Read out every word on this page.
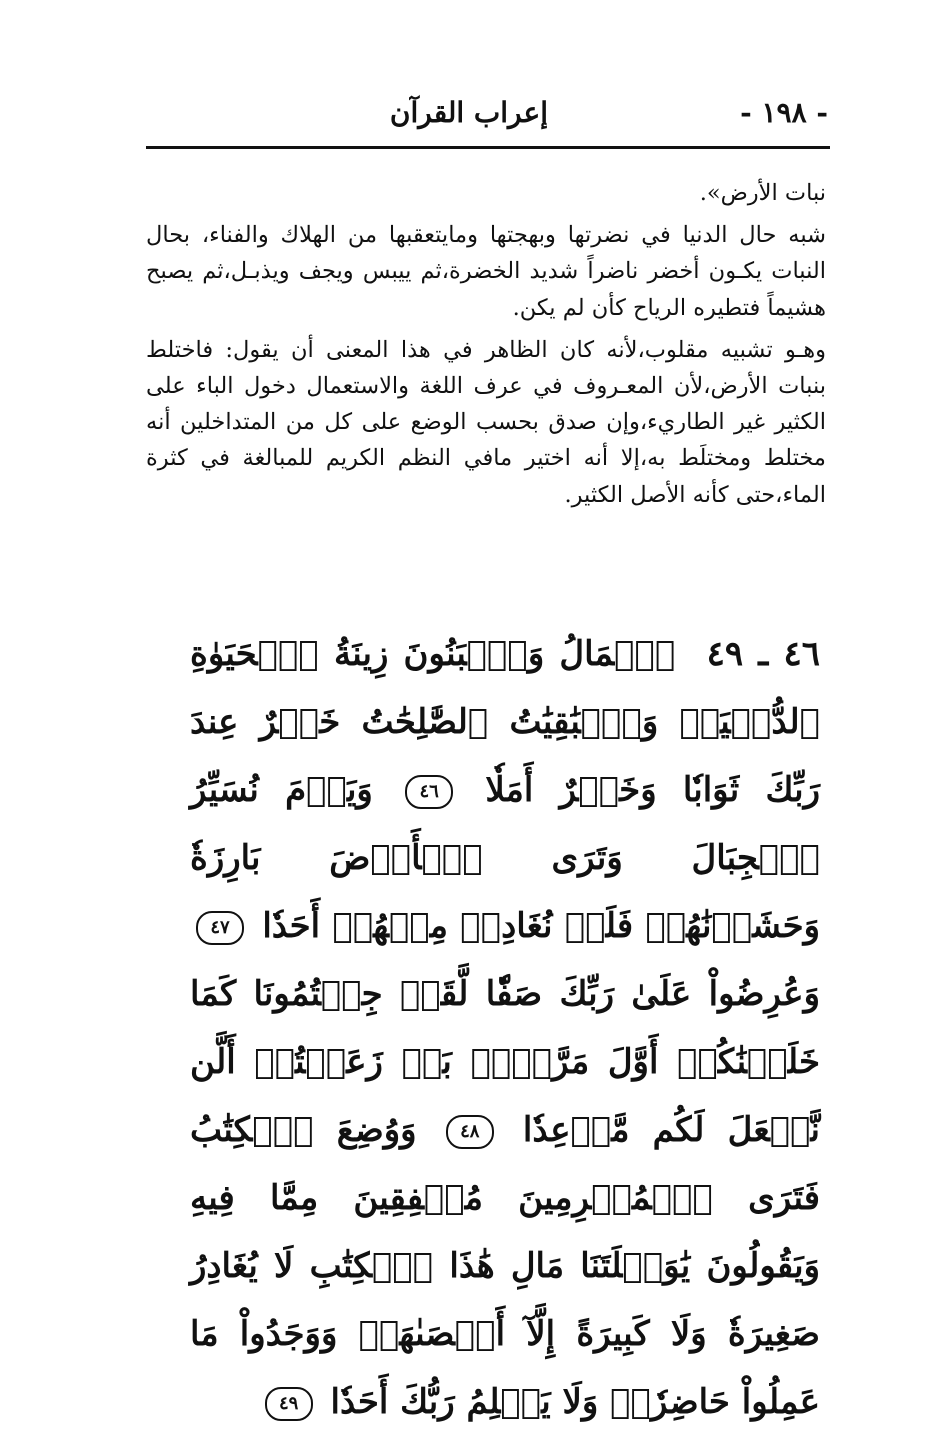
- ١٩٨ -
إعراب القرآن

نبات الأرض».

شبه حال الدنيا في نضرتها وبهجتها ومايتعقبها من الهلاك والفناء، بحال النبات يكـون أخضر ناضراً شديد الخضرة،ثم ييبس ويجف ويذبـل،ثم يصبح هشيماً فتطيره الرياح كأن لم يكن.

وهـو تشبيه مقلوب،لأنه كان الظاهر في هذا المعنى أن يقول: فاختلط بنبات الأرض،لأن المعـروف في عرف اللغة والاستعمال دخول الباء على الكثير غير الطاريء،وإن صدق بحسب الوضع على كل من المتداخلين أنه مختلط ومختلَط به،إلا أنه اختير مافي النظم الكريم للمبالغة في كثرة الماء،حتى كأنه الأصل الكثير.

٤٦ ـ ٤٩ ٱلۡمَالُ وَٱلۡبَنُونَ زِينَةُ ٱلۡحَيَوٰةِ ٱلدُّنۡيَاۖ وَٱلۡبَٰقِيَٰتُ ٱلصَّٰلِحَٰتُ خَيۡرٌ عِندَ رَبِّكَ ثَوَابٗا وَخَيۡرٌ أَمَلٗا ٤٦ وَيَوۡمَ نُسَيِّرُ ٱلۡجِبَالَ وَتَرَى ٱلۡأَرۡضَ بَارِزَةٗ وَحَشَرۡنَٰهُمۡ فَلَمۡ نُغَادِرۡ مِنۡهُمۡ أَحَدٗا ٤٧ وَعُرِضُواْ عَلَىٰ رَبِّكَ صَفّٗا لَّقَدۡ جِئۡتُمُونَا كَمَا خَلَقۡنَٰكُمۡ أَوَّلَ مَرَّةِۭۚ بَلۡ زَعَمۡتُمۡ أَلَّن نَّجۡعَلَ لَكُم مَّوۡعِدٗا ٤٨ وَوُضِعَ ٱلۡكِتَٰبُ فَتَرَى ٱلۡمُجۡرِمِينَ مُشۡفِقِينَ مِمَّا فِيهِ وَيَقُولُونَ يَٰوَيۡلَتَنَا مَالِ هَٰذَا ٱلۡكِتَٰبِ لَا يُغَادِرُ صَغِيرَةٗ وَلَا كَبِيرَةً إِلَّآ أَحۡصَىٰهَاۚ وَوَجَدُواْ مَا عَمِلُواْ حَاضِرٗاۗ وَلَا يَظۡلِمُ رَبُّكَ أَحَدٗا ٤٩
